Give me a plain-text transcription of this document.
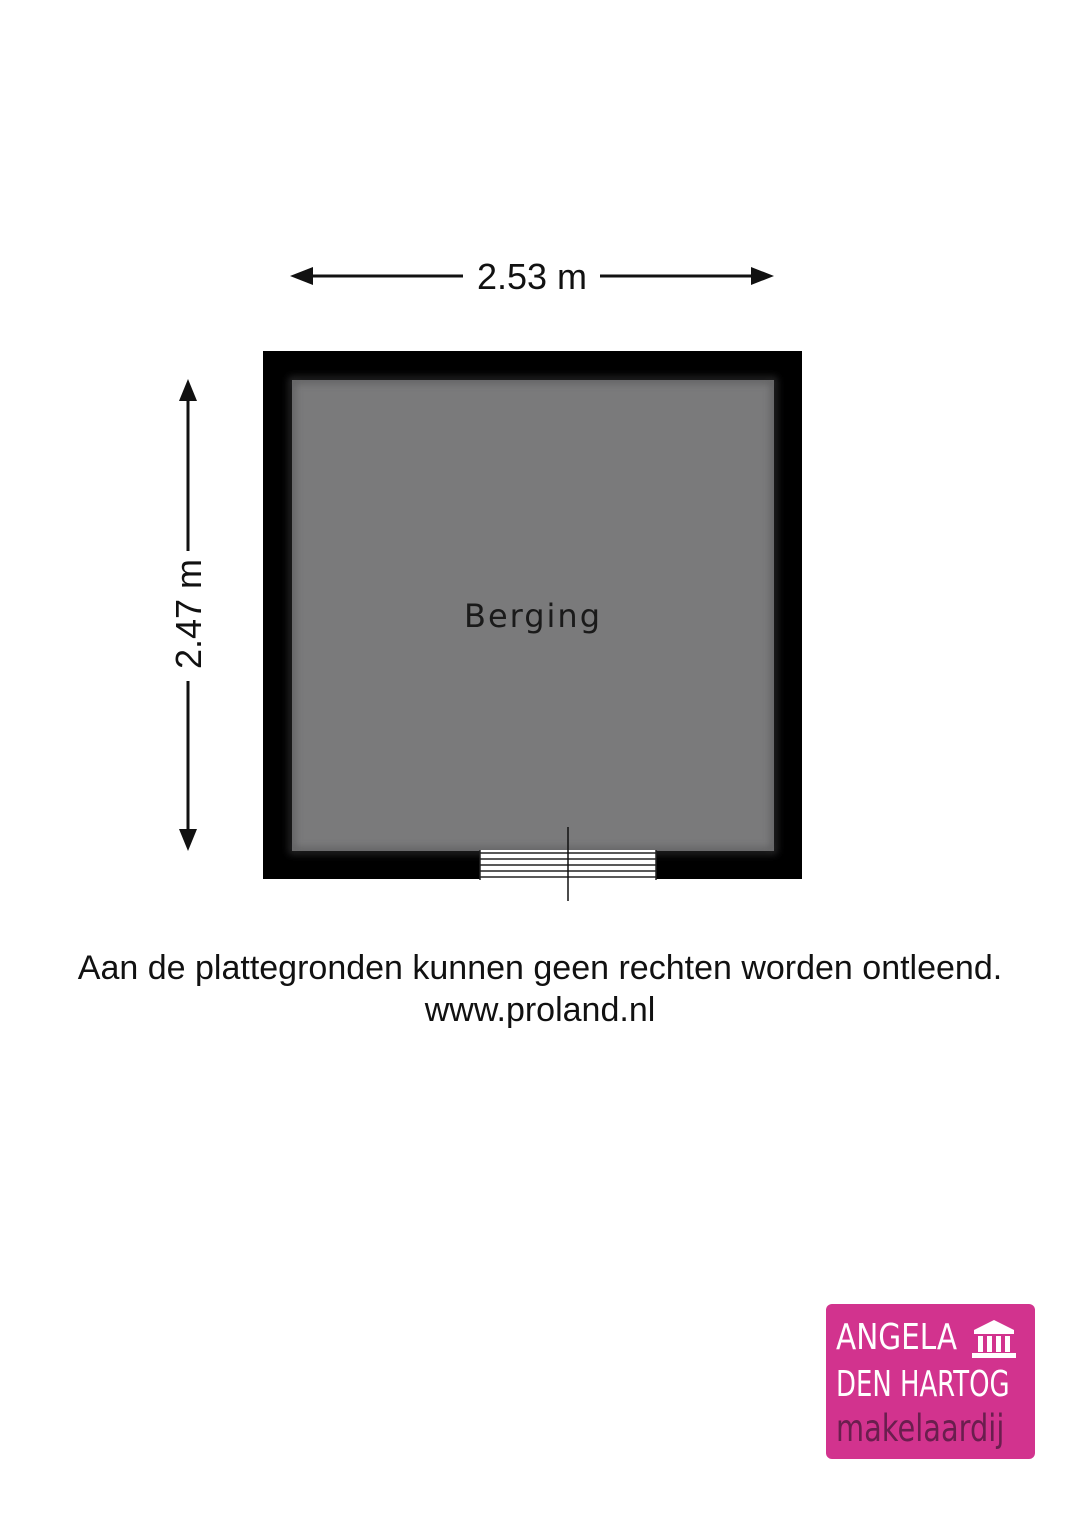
2.53 m
2.47 m	Berging
Aan de plattegronden kunnen geen rechten worden ontleend.
www.proland.nl
ANGELA
DEN HARTOG
makelaardij
